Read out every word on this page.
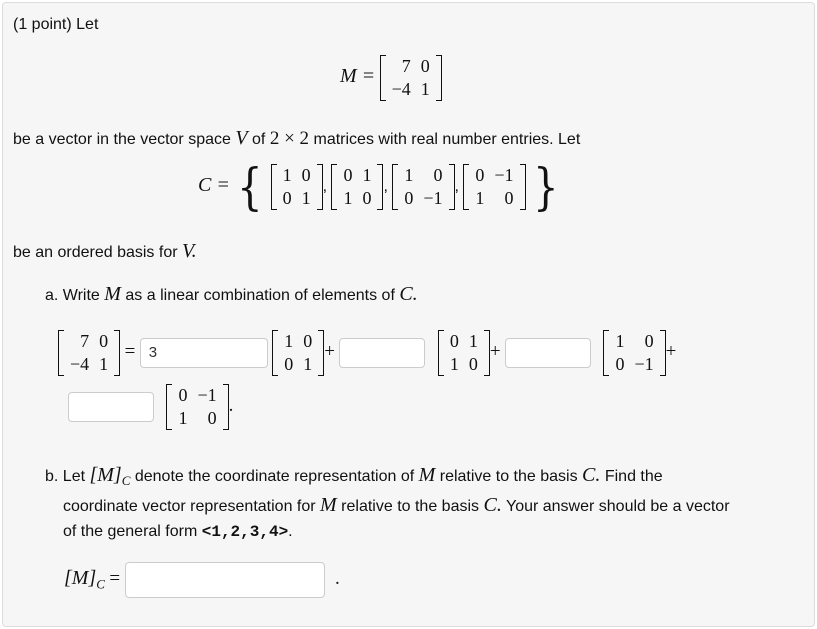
(1 point) Let
M = 7	0
−4	1
be a vector in the vector space V of 2 × 2 matrices with real number entries. Let
C = { 1	0
0	1
,
0	1
1	0
,
1	0
0	−1
,
0	−1
1	0 }
be an ordered basis for V.
a. Write M as a linear combination of elements of C.
7	0
−4	1
= 3
1	0
0	1
+
0	1
1	0
+
1	0
0	−1
+

0	−1
1	0
.
b. Let $[M]_C$ denote the coordinate representation of M relative to the basis C. Find the
coordinate vector representation for M relative to the basis C. Your answer should be a vector
of the general form <1,2,3,4>.
$[M]_C$ =	.
